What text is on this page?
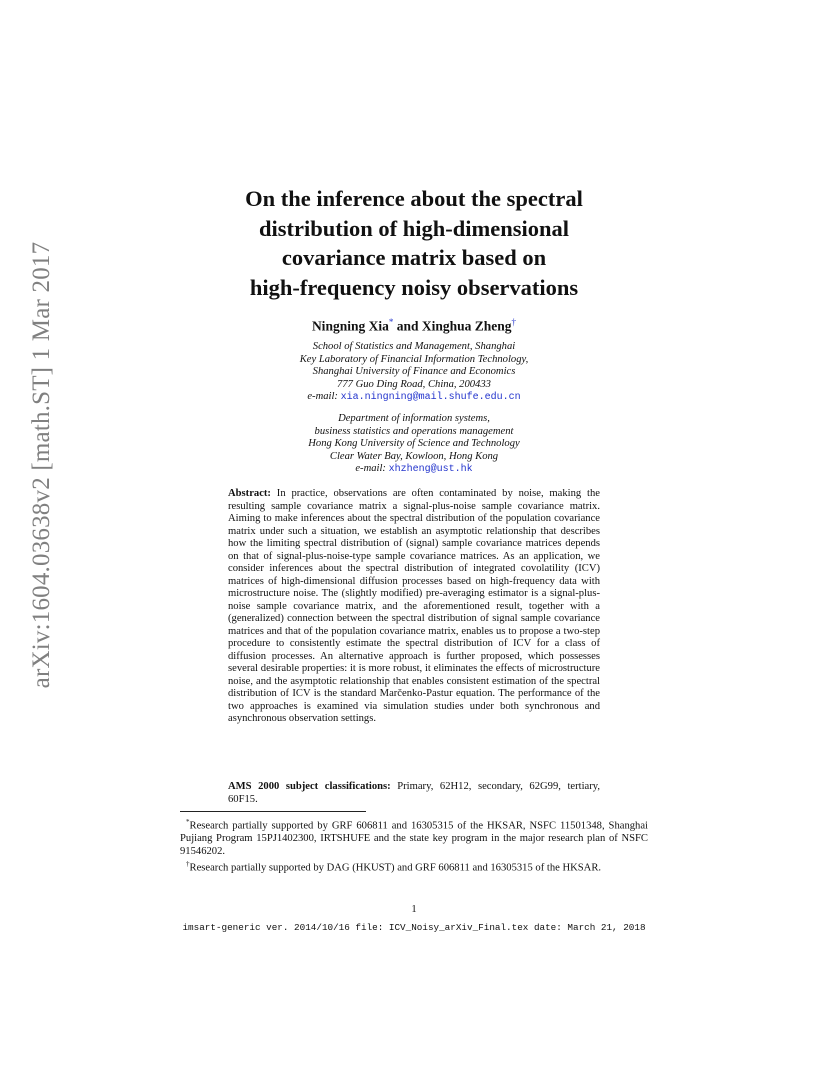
arXiv:1604.03638v2 [math.ST] 1 Mar 2017
On the inference about the spectral
distribution of high-dimensional
covariance matrix based on
high-frequency noisy observations
Ningning Xia* and Xinghua Zheng†
School of Statistics and Management, Shanghai
Key Laboratory of Financial Information Technology,
Shanghai University of Finance and Economics
777 Guo Ding Road, China, 200433
e-mail: xia.ningning@mail.shufe.edu.cn
Department of information systems,
business statistics and operations management
Hong Kong University of Science and Technology
Clear Water Bay, Kowloon, Hong Kong
e-mail: xhzheng@ust.hk

Abstract: In practice, observations are often contaminated by noise, making the resulting sample covariance matrix a signal-plus-noise sample covariance matrix. Aiming to make inferences about the spectral distribution of the population covariance matrix under such a situation, we establish an asymptotic relationship that describes how the limiting spectral distribution of (signal) sample covariance matrices depends on that of signal-plus-noise-type sample covariance matrices. As an application, we consider inferences about the spectral distribution of integrated covolatility (ICV) matrices of high-dimensional diffusion processes based on high-frequency data with microstructure noise. The (slightly modified) pre-averaging estimator is a signal-plus-noise sample covariance matrix, and the aforementioned result, together with a (generalized) connection between the spectral distribution of signal sample covariance matrices and that of the population covariance matrix, enables us to propose a two-step procedure to consistently estimate the spectral distribution of ICV for a class of diffusion processes. An alternative approach is further proposed, which possesses several desirable properties: it is more robust, it eliminates the effects of microstructure noise, and the asymptotic relationship that enables consistent estimation of the spectral distribution of ICV is the standard Marčenko-Pastur equation. The performance of the two approaches is examined via simulation studies under both synchronous and asynchronous observation settings.

AMS 2000 subject classifications: Primary, 62H12, secondary, 62G99, tertiary, 60F15.

*Research partially supported by GRF 606811 and 16305315 of the HKSAR, NSFC 11501348, Shanghai Pujiang Program 15PJ1402300, IRTSHUFE and the state key program in the major research plan of NSFC 91546202.

†Research partially supported by DAG (HKUST) and GRF 606811 and 16305315 of the HKSAR.

1
imsart-generic ver. 2014/10/16 file: ICV_Noisy_arXiv_Final.tex date: March 21, 2018
